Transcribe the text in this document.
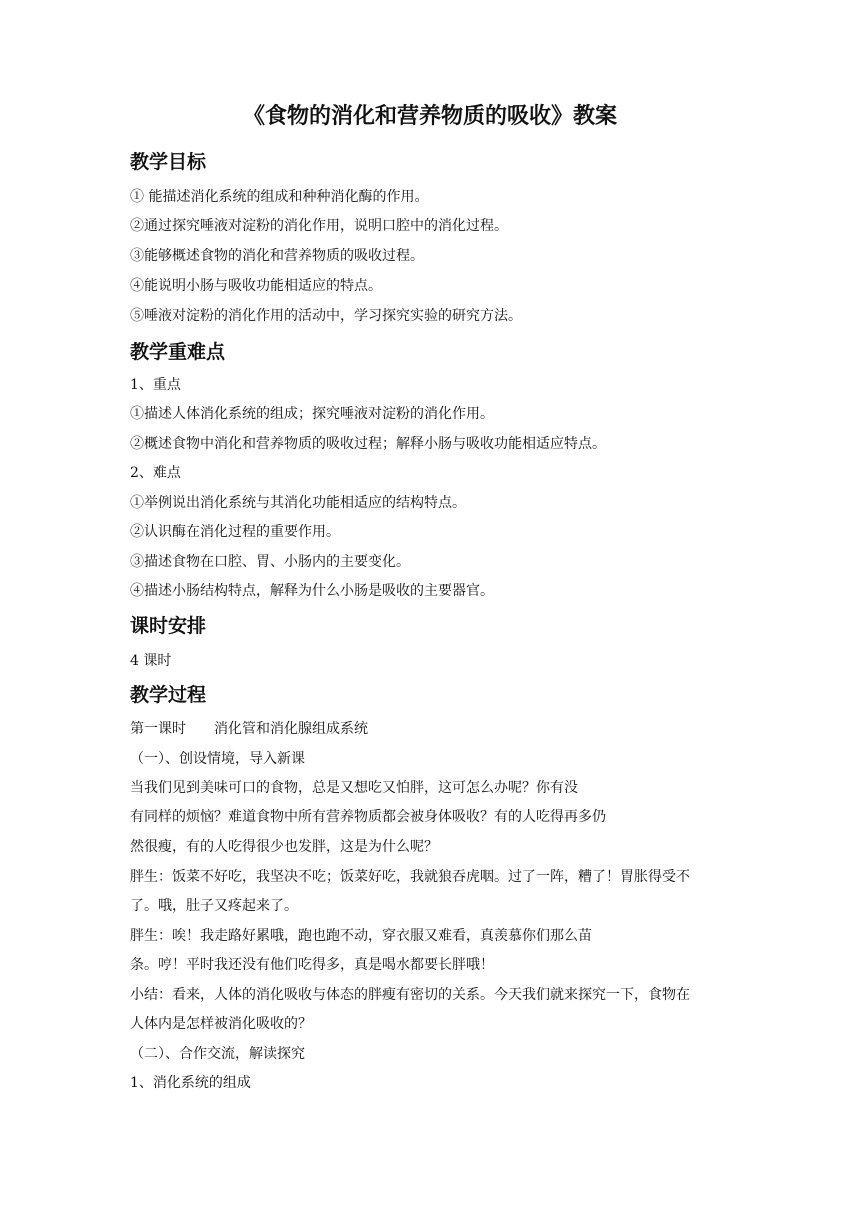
《食物的消化和营养物质的吸收》教案
教学目标
① 能描述消化系统的组成和种种消化酶的作用。
②通过探究唾液对淀粉的消化作用，说明口腔中的消化过程。
③能够概述食物的消化和营养物质的吸收过程。
④能说明小肠与吸收功能相适应的特点。
⑤唾液对淀粉的消化作用的活动中，学习探究实验的研究方法。
教学重难点
1、重点
①描述人体消化系统的组成；探究唾液对淀粉的消化作用。
②概述食物中消化和营养物质的吸收过程；解释小肠与吸收功能相适应特点。
2、难点
①举例说出消化系统与其消化功能相适应的结构特点。
②认识酶在消化过程的重要作用。
③描述食物在口腔、胃、小肠内的主要变化。
④描述小肠结构特点，解释为什么小肠是吸收的主要器官。
课时安排
4 课时
教学过程
第一课时　　消化管和消化腺组成系统
（一）、创设情境，导入新课
当我们见到美味可口的食物，总是又想吃又怕胖，这可怎么办呢？你有没
有同样的烦恼？难道食物中所有营养物质都会被身体吸收？有的人吃得再多仍
然很瘦，有的人吃得很少也发胖，这是为什么呢？
胖生：饭菜不好吃，我坚决不吃；饭菜好吃，我就狼吞虎咽。过了一阵，糟了！胃胀得受不
了。哦，肚子又疼起来了。
胖生：唉！我走路好累哦，跑也跑不动，穿衣服又难看，真羡慕你们那么苗
条。哼！平时我还没有他们吃得多，真是喝水都要长胖哦！
小结：看来，人体的消化吸收与体态的胖瘦有密切的关系。今天我们就来探究一下，食物在
人体内是怎样被消化吸收的？
（二）、合作交流，解读探究
1、消化系统的组成
